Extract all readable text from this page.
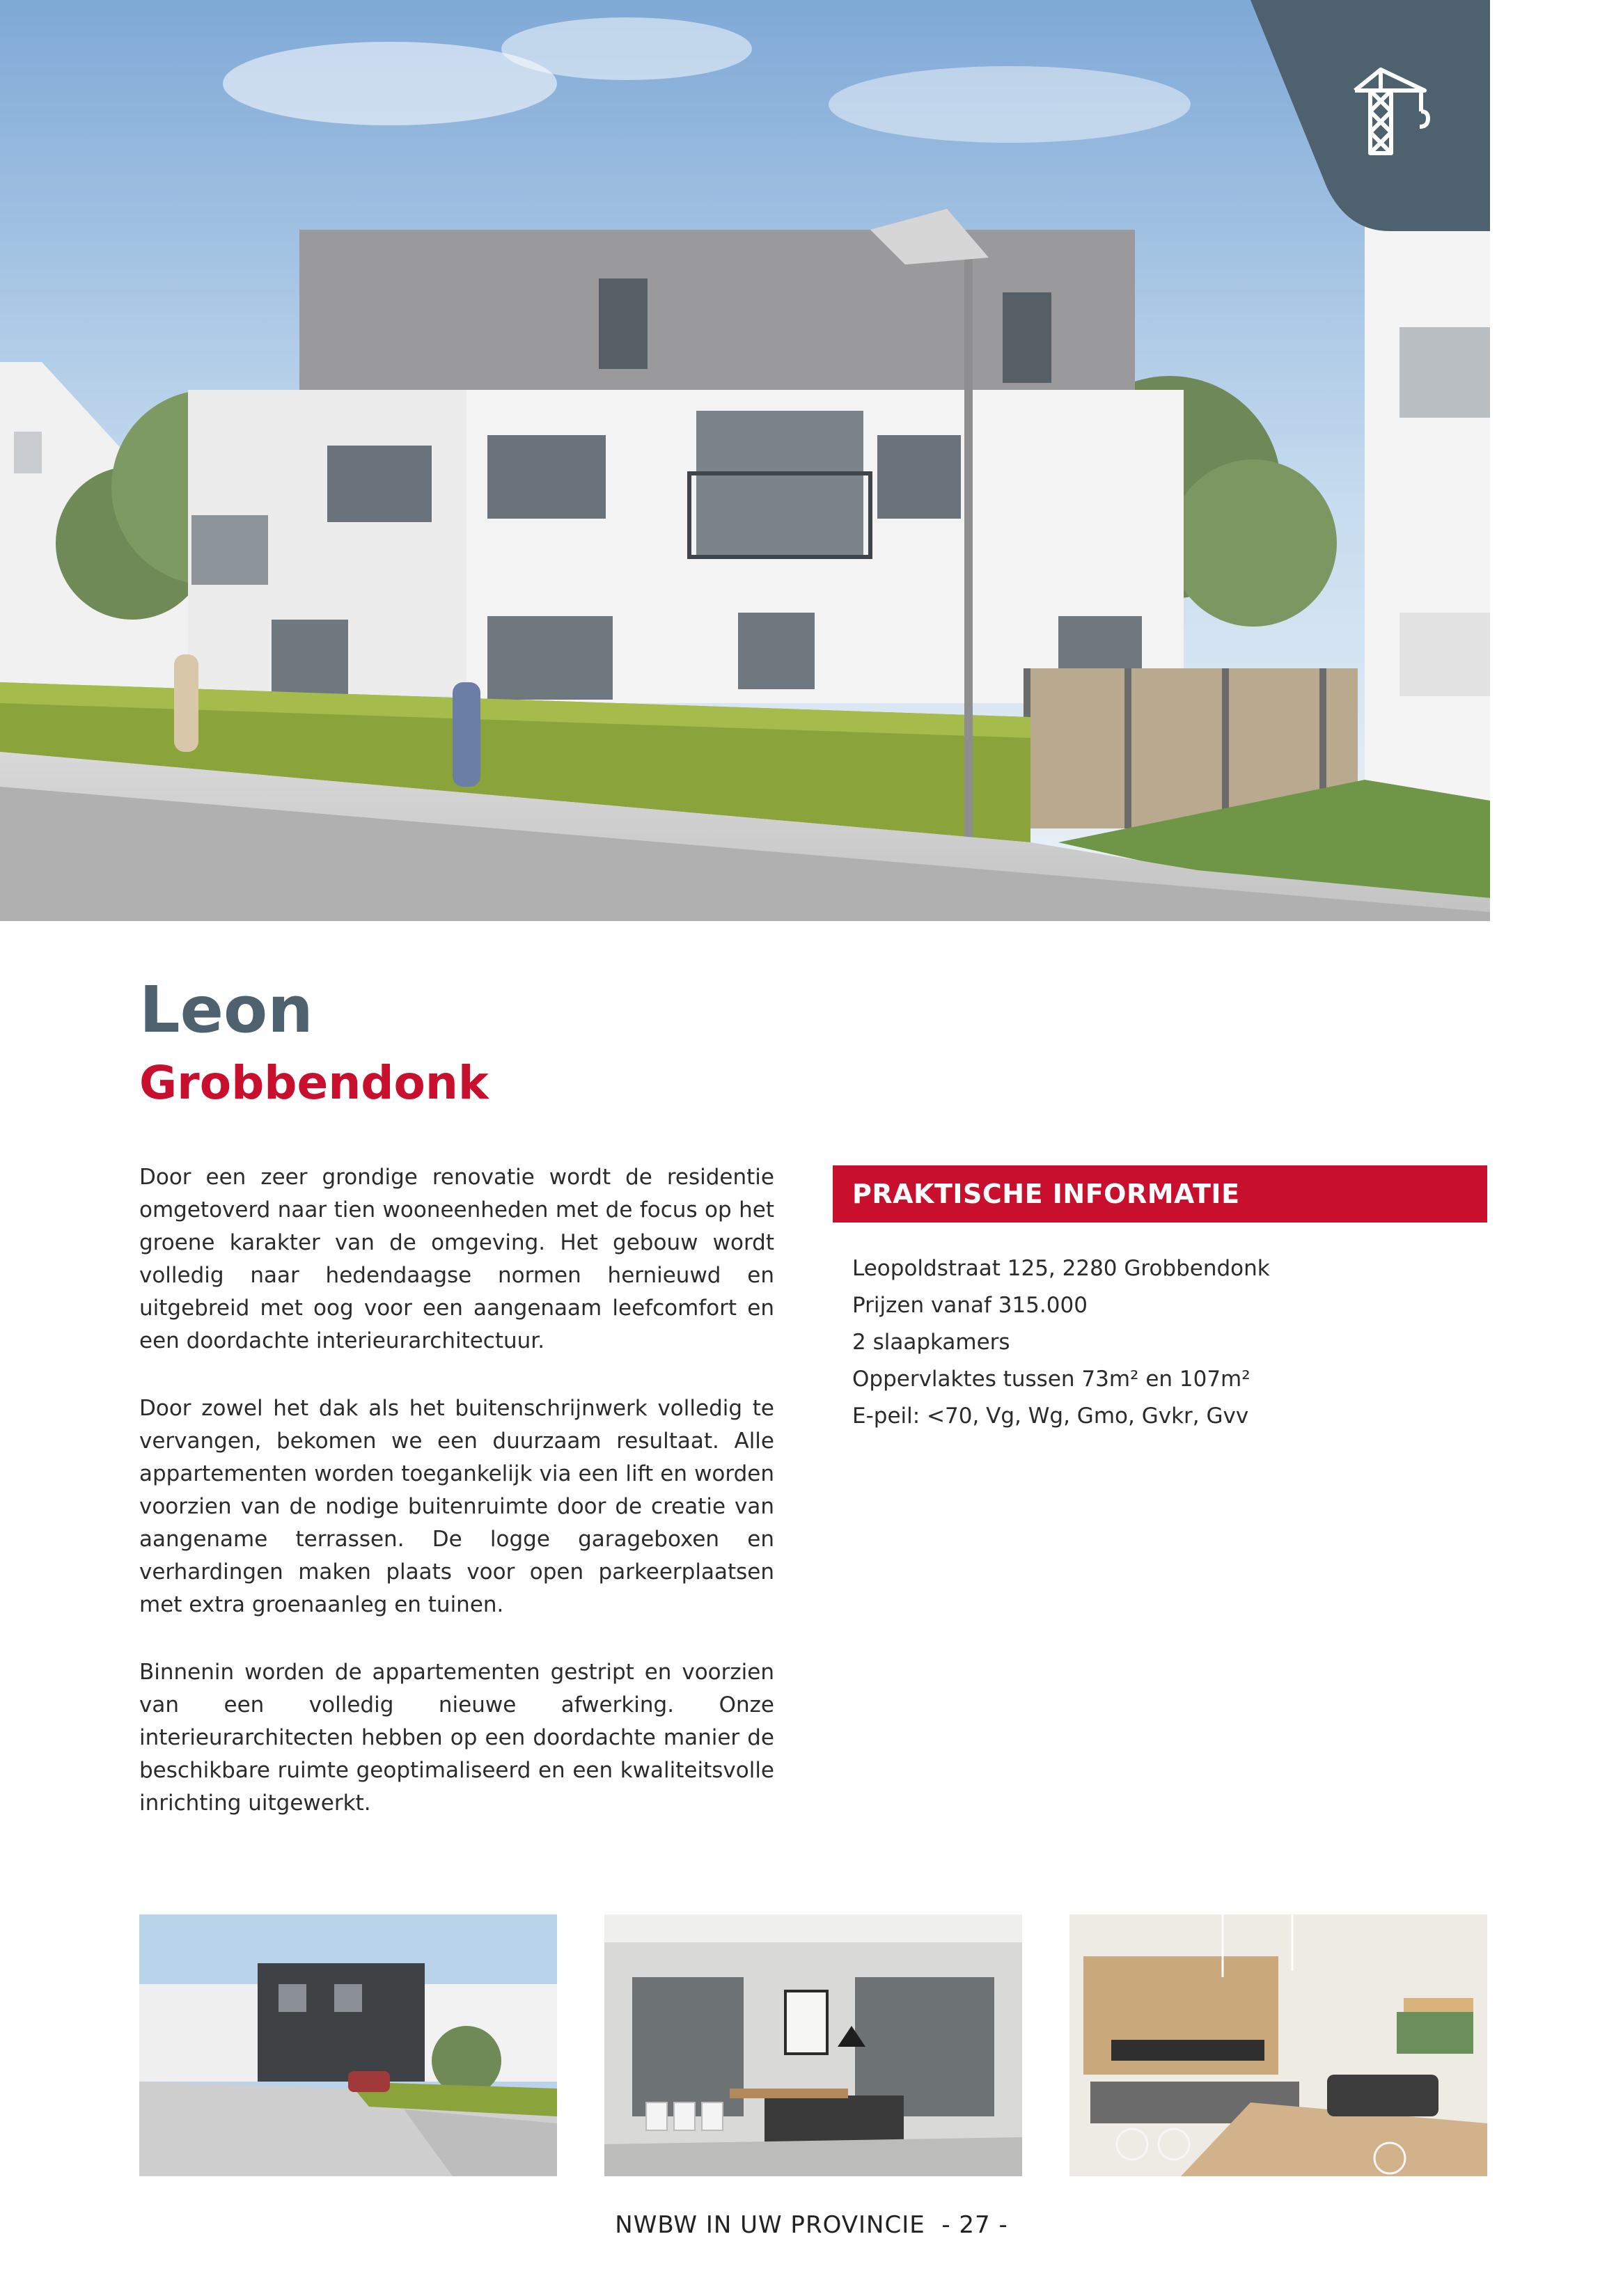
Leon
Grobbendonk

Door een zeer grondige renovatie wordt de residentie omgetoverd naar tien wooneenheden met de focus op het groene karakter van de omgeving. Het gebouw wordt volledig naar hedendaagse normen hernieuwd en uitgebreid met oog voor een aangenaam leefcomfort en een doordachte interieurarchitectuur.

Door zowel het dak als het buitenschrijnwerk volledig te vervangen, bekomen we een duurzaam resultaat. Alle appartementen worden toegankelijk via een lift en worden voorzien van de nodige buitenruimte door de creatie van aangename terrassen. De logge garageboxen en verhardingen maken plaats voor open parkeerplaatsen met extra groenaanleg en tuinen.

Binnenin worden de appartementen gestript en voorzien van een volledig nieuwe afwerking. Onze interieurarchitecten hebben op een doordachte manier de beschikbare ruimte geoptimaliseerd en een kwaliteitsvolle inrichting uitgewerkt.

PRAKTISCHE INFORMATIE
Leopoldstraat 125, 2280 Grobbendonk
Prijzen vanaf 315.000
2 slaapkamers
Oppervlaktes tussen 73m² en 107m²
E-peil: <70, Vg, Wg, Gmo, Gvkr, Gvv
NWBW IN UW PROVINCIE  - 27 -
